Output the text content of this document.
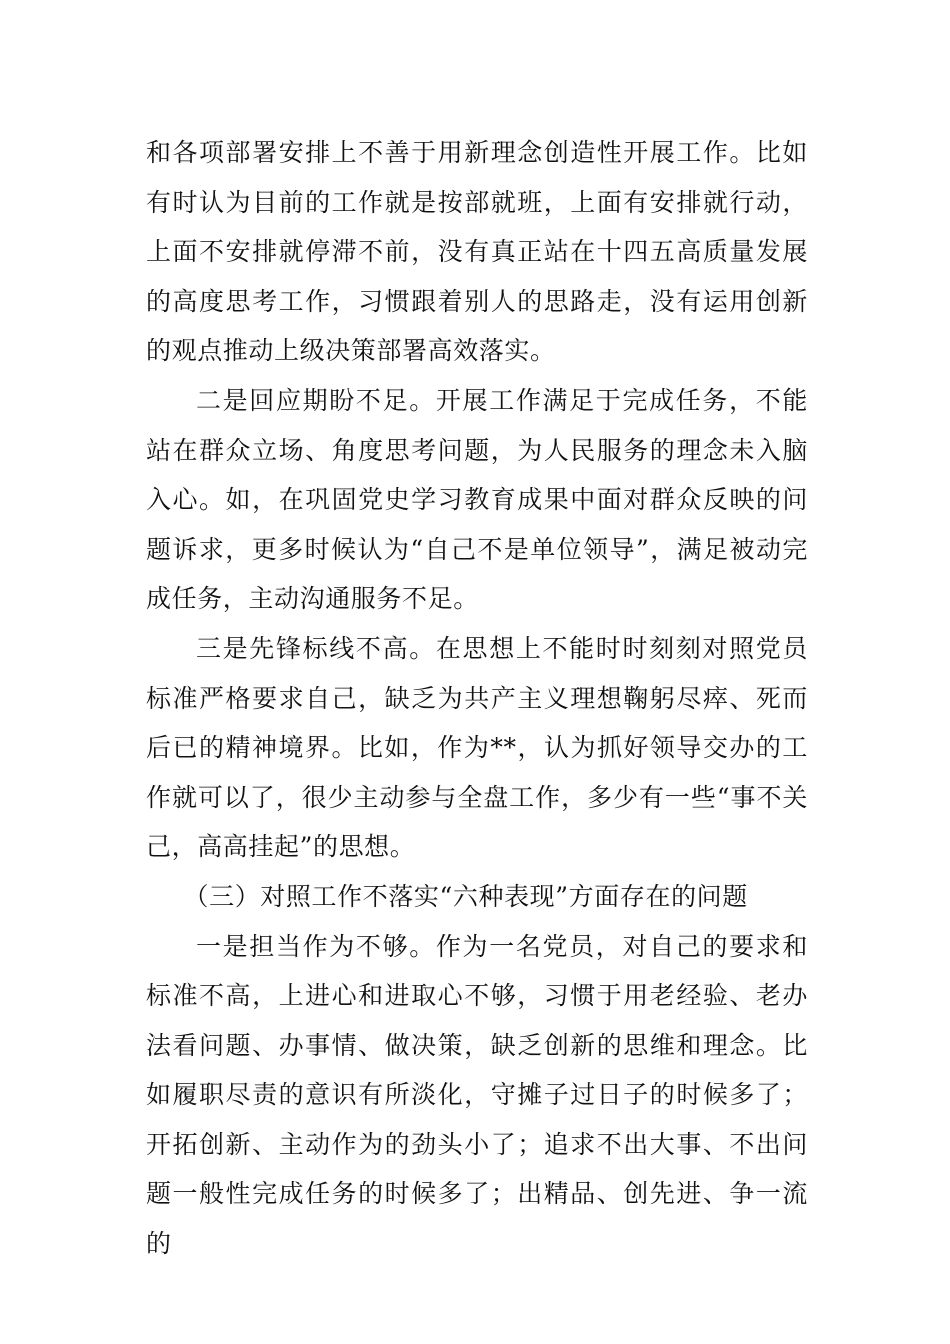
和各项部署安排上不善于用新理念创造性开展工作。比如有时认为目前的工作就是按部就班，上面有安排就行动，上面不安排就停滞不前，没有真正站在十四五高质量发展的高度思考工作，习惯跟着别人的思路走，没有运用创新的观点推动上级决策部署高效落实。

二是回应期盼不足。开展工作满足于完成任务，不能站在群众立场、角度思考问题，为人民服务的理念未入脑入心。如，在巩固党史学习教育成果中面对群众反映的问题诉求，更多时候认为“自己不是单位领导”，满足被动完成任务，主动沟通服务不足。

三是先锋标线不高。在思想上不能时时刻刻对照党员标准严格要求自己，缺乏为共产主义理想鞠躬尽瘁、死而后已的精神境界。比如，作为**，认为抓好领导交办的工作就可以了，很少主动参与全盘工作，多少有一些“事不关己，高高挂起”的思想。

（三）对照工作不落实“六种表现”方面存在的问题

一是担当作为不够。作为一名党员，对自己的要求和标准不高，上进心和进取心不够，习惯于用老经验、老办法看问题、办事情、做决策，缺乏创新的思维和理念。比如履职尽责的意识有所淡化，守摊子过日子的时候多了；开拓创新、主动作为的劲头小了；追求不出大事、不出问题一般性完成任务的时候多了；出精品、创先进、争一流的
